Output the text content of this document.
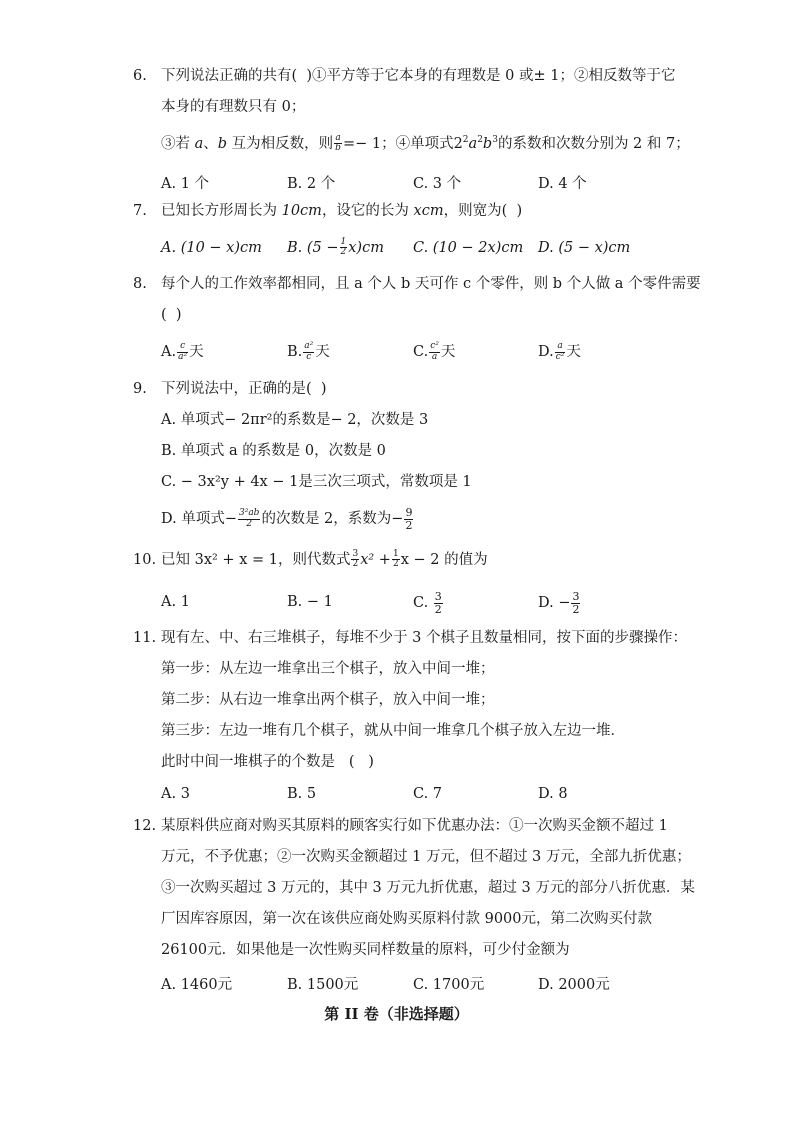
6. 下列说法正确的共有(  )①平方等于它本身的有理数是 0 或± 1；②相反数等于它
本身的有理数只有 0；
③若 a、b 互为相反数，则 $\frac{a}{b} =- 1$；④单项式$2^2a^2b^3$的系数和次数分别为 2 和 7；
A. 1 个	B. 2 个	C. 3 个	D. 4 个
7. 已知长方形周长为 10cm，设它的长为 xcm，则宽为(  )
A. (10 − x)cm B. $(5 - \frac{1}{2} x)cm$ C. (10 − 2x)cm D. (5 − x)cm
8. 每个人的工作效率都相同，且 a 个人 b 天可作 c 个零件，则 b 个人做 a 个零件需要
(  )
A. $\frac{c}{\text{a²}}$ 天	B. $\frac{\text{a²}}{c}$ 天	C. $\frac{\text{c²}}{a}$ 天	D. $\frac{a}{\text{c²}}$ 天
9. 下列说法中，正确的是(  )
A. 单项式− 2πr²的系数是− 2，次数是 3
B. 单项式 a 的系数是 0，次数是 0
C. − 3x²y + 4x − 1是三次三项式，常数项是 1
D. 单项式− $\frac{\text{3²ab}}{2}$ 的次数是 2，系数为− $\frac{9}{2}$
10. 已知 3x² + x = 1，则代数式 $\frac{3}{2} x^2 + \frac{1}{2}$ x − 2 的值为
A. 1	B. − 1	C. $\frac{3}{2}$	D. − $\frac{3}{2}$
11. 现有左、中、右三堆棋子，每堆不少于 3 个棋子且数量相同，按下面的步骤操作：
第一步：从左边一堆拿出三个棋子，放入中间一堆；
第二步：从右边一堆拿出两个棋子，放入中间一堆；
第三步：左边一堆有几个棋子，就从中间一堆拿几个棋子放入左边一堆．
此时中间一堆棋子的个数是   (   )
A. 3	B. 5	C. 7	D. 8
12. 某原料供应商对购买其原料的顾客实行如下优惠办法：①一次购买金额不超过 1
万元，不予优惠；②一次购买金额超过 1 万元，但不超过 3 万元，全部九折优惠；
③一次购买超过 3 万元的，其中 3 万元九折优惠，超过 3 万元的部分八折优惠．某
厂因库容原因，第一次在该供应商处购买原料付款 9000元，第二次购买付款
26100元．如果他是一次性购买同样数量的原料，可少付金额为
A. 1460元	B. 1500元	C. 1700元	D. 2000元
第 II 卷（非选择题）
